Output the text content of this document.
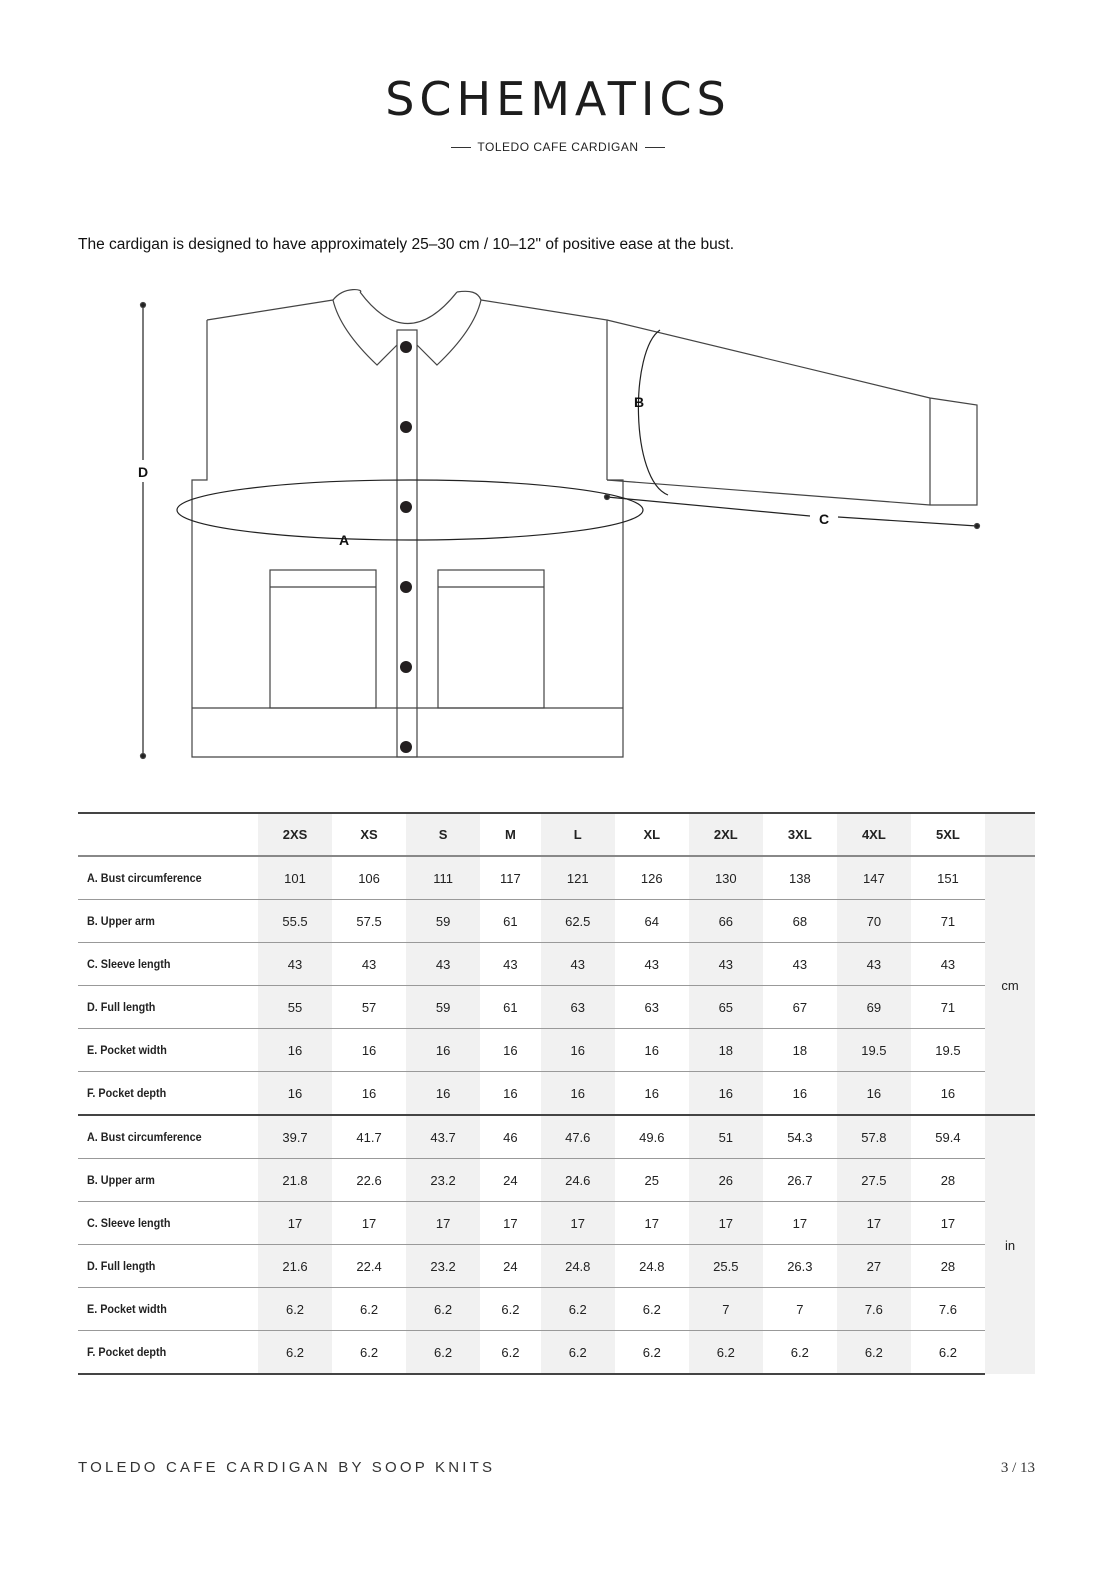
SCHEMATICS
TOLEDO CAFE CARDIGAN
The cardigan is designed to have approximately 25–30 cm / 10–12" of positive ease at the bust.
A
B
C
D
	2XS	XS	S	M	L	XL	2XL	3XL	4XL	5XL	
A. Bust circumference	101	106	111	117	121	126	130	138	147	151	cm
B. Upper arm	55.5	57.5	59	61	62.5	64	66	68	70	71	
C. Sleeve length	43	43	43	43	43	43	43	43	43	43	
D. Full length	55	57	59	61	63	63	65	67	69	71	
E. Pocket width	16	16	16	16	16	16	18	18	19.5	19.5	
F. Pocket depth	16	16	16	16	16	16	16	16	16	16	
A. Bust circumference	39.7	41.7	43.7	46	47.6	49.6	51	54.3	57.8	59.4	in
B. Upper arm	21.8	22.6	23.2	24	24.6	25	26	26.7	27.5	28	
C. Sleeve length	17	17	17	17	17	17	17	17	17	17	
D. Full length	21.6	22.4	23.2	24	24.8	24.8	25.5	26.3	27	28	
E. Pocket width	6.2	6.2	6.2	6.2	6.2	6.2	7	7	7.6	7.6	
F. Pocket depth	6.2	6.2	6.2	6.2	6.2	6.2	6.2	6.2	6.2	6.2	
TOLEDO CAFE CARDIGAN BY SOOP KNITS	3 / 13
